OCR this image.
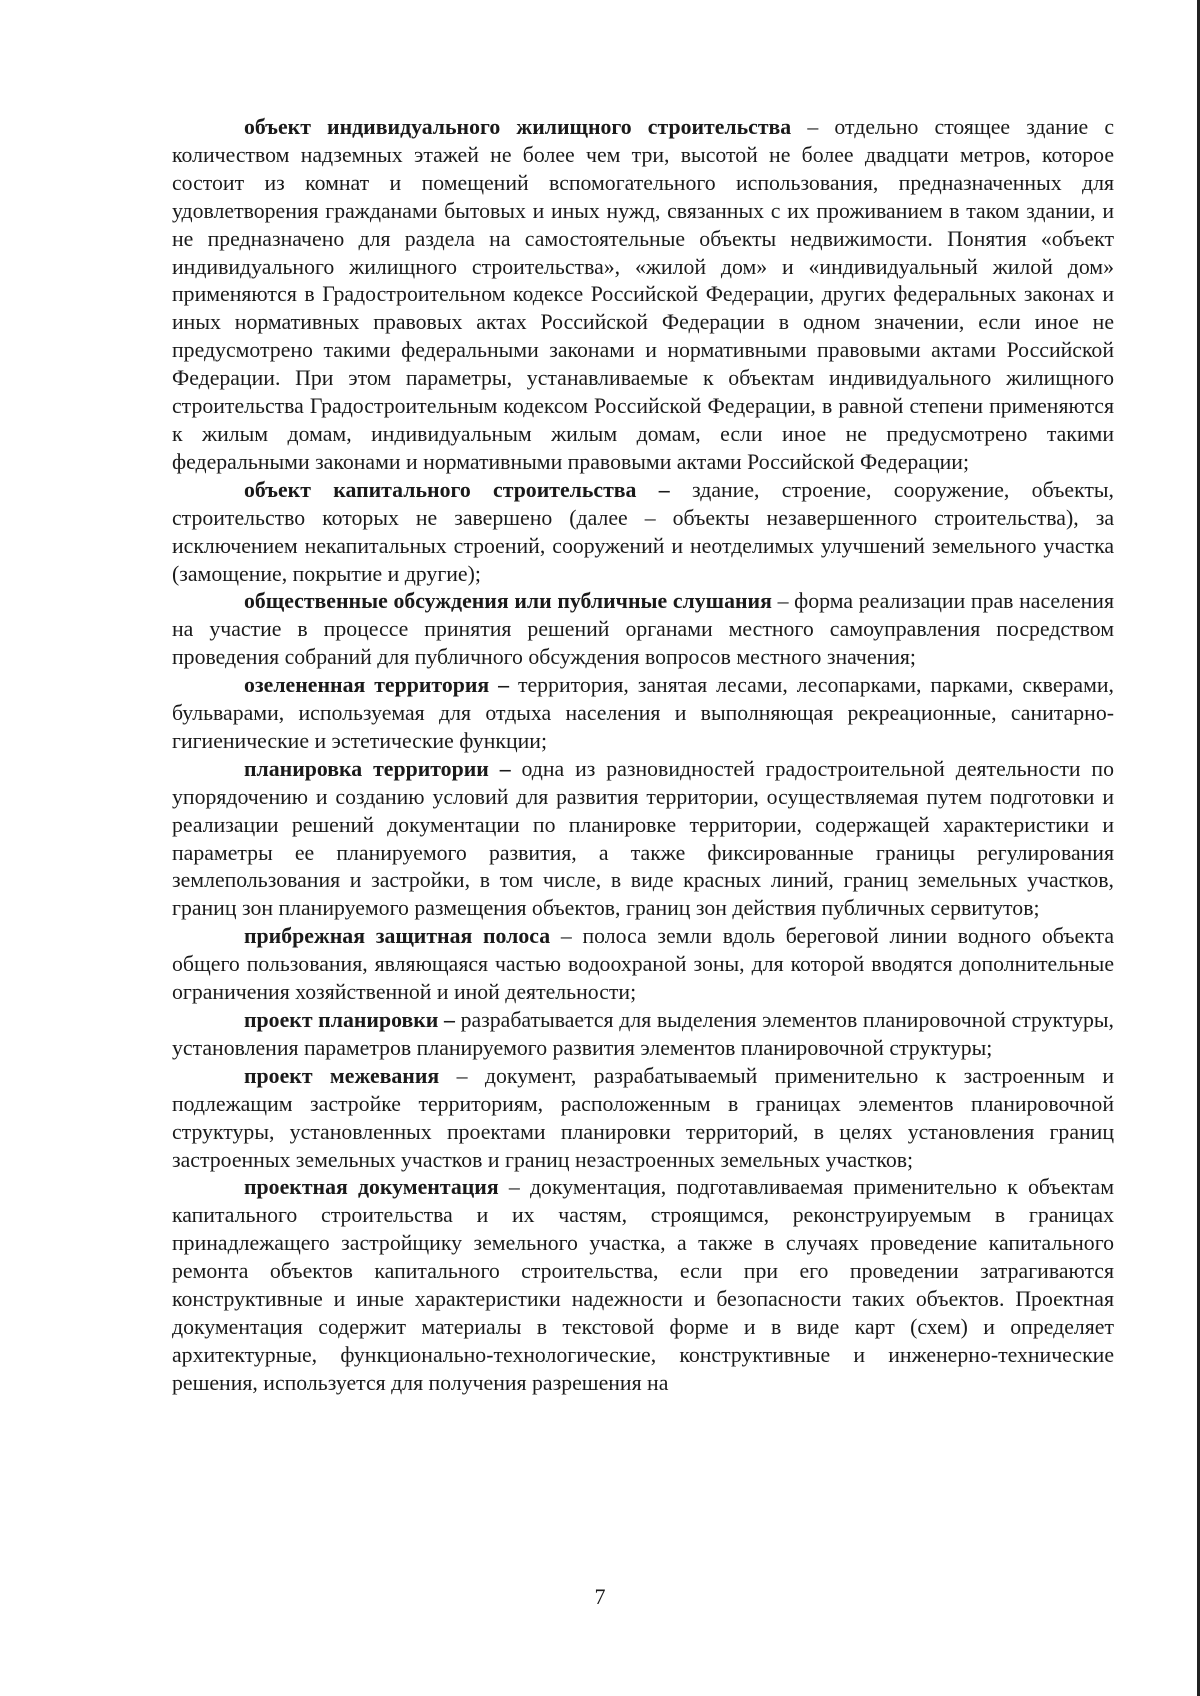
объект индивидуального жилищного строительства – отдельно стоящее здание с количеством надземных этажей не более чем три, высотой не более двадцати метров, которое состоит из комнат и помещений вспомогательного использования, предназначенных для удовлетворения гражданами бытовых и иных нужд, связанных с их проживанием в таком здании, и не предназначено для раздела на самостоятельные объекты недвижимости. Понятия «объект индивидуального жилищного строительства», «жилой дом» и «индивидуальный жилой дом» применяются в Градостроительном кодексе Российской Федерации, других федеральных законах и иных нормативных правовых актах Российской Федерации в одном значении, если иное не предусмотрено такими федеральными законами и нормативными правовыми актами Российской Федерации. При этом параметры, устанавливаемые к объектам индивидуального жилищного строительства Градостроительным кодексом Российской Федерации, в равной степени применяются к жилым домам, индивидуальным жилым домам, если иное не предусмотрено такими федеральными законами и нормативными правовыми актами Российской Федерации;

объект капитального строительства – здание, строение, сооружение, объекты, строительство которых не завершено (далее – объекты незавершенного строительства), за исключением некапитальных строений, сооружений и неотделимых улучшений земельного участка (замощение, покрытие и другие);

общественные обсуждения или публичные слушания – форма реализации прав населения на участие в процессе принятия решений органами местного самоуправления посредством проведения собраний для публичного обсуждения вопросов местного значения;

озелененная территория – территория, занятая лесами, лесопарками, парками, скверами, бульварами, используемая для отдыха населения и выполняющая рекреационные, санитарно-гигиенические и эстетические функции;

планировка территории – одна из разновидностей градостроительной деятельности по упорядочению и созданию условий для развития территории, осуществляемая путем подготовки и реализации решений документации по планировке территории, содержащей характеристики и параметры ее планируемого развития, а также фиксированные границы регулирования землепользования и застройки, в том числе, в виде красных линий, границ земельных участков, границ зон планируемого размещения объектов, границ зон действия публичных сервитутов;

прибрежная защитная полоса – полоса земли вдоль береговой линии водного объекта общего пользования, являющаяся частью водоохраной зоны, для которой вводятся дополнительные ограничения хозяйственной и иной деятельности;

проект планировки – разрабатывается для выделения элементов планировочной структуры, установления параметров планируемого развития элементов планировочной структуры;

проект межевания – документ, разрабатываемый применительно к застроенным и подлежащим застройке территориям, расположенным в границах элементов планировочной структуры, установленных проектами планировки территорий, в целях установления границ застроенных земельных участков и границ незастроенных земельных участков;

проектная документация – документация, подготавливаемая применительно к объектам капитального строительства и их частям, строящимся, реконструируемым в границах принадлежащего застройщику земельного участка, а также в случаях проведение капитального ремонта объектов капитального строительства, если при его проведении затрагиваются конструктивные и иные характеристики надежности и безопасности таких объектов. Проектная документация содержит материалы в текстовой форме и в виде карт (схем) и определяет архитектурные, функционально-технологические, конструктивные и инженерно-технические решения, используется для получения разрешения на

7
